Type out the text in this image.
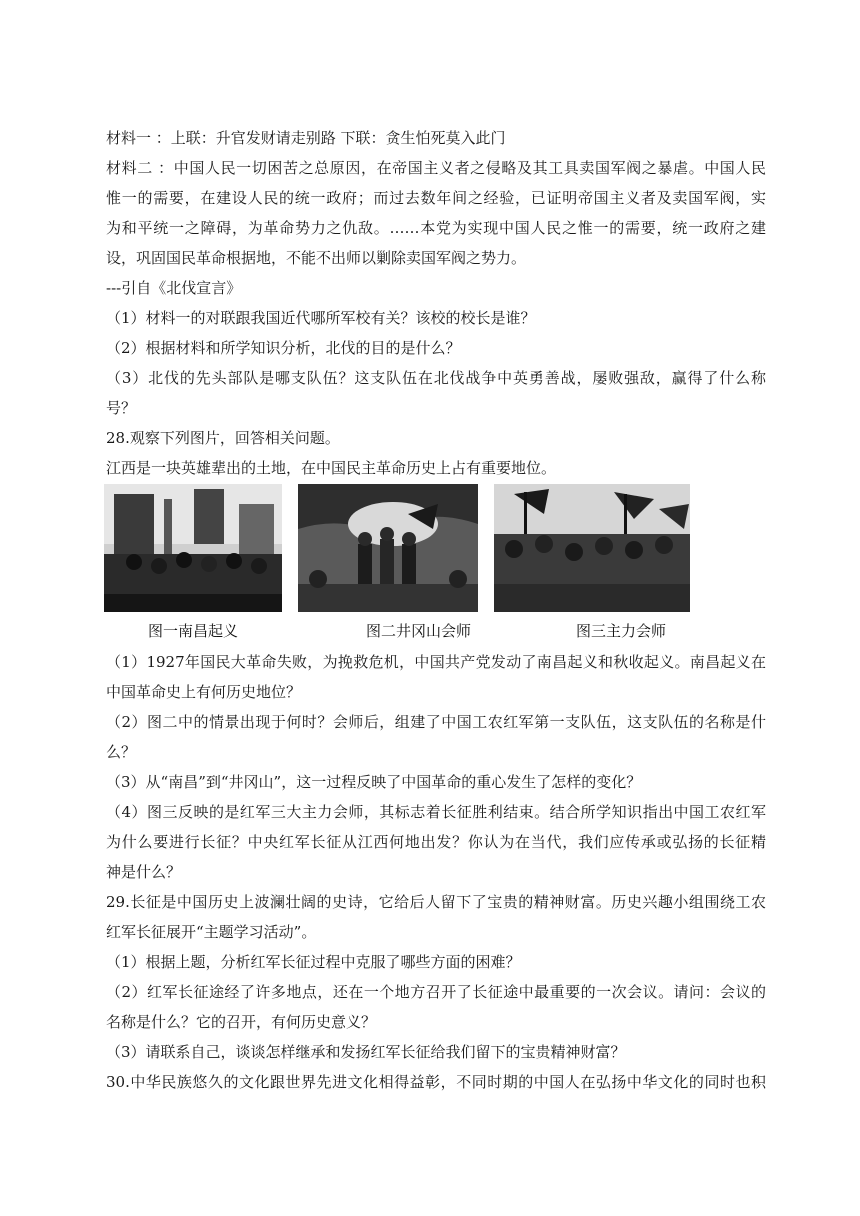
材料一 ：上联：升官发财请走别路 下联：贪生怕死莫入此门
材料二 ：中国人民一切困苦之总原因，在帝国主义者之侵略及其工具卖国军阀之暴虐。中国人民
惟一的需要，在建设人民的统一政府；而过去数年间之经验，已证明帝国主义者及卖国军阀，实
为和平统一之障碍，为革命势力之仇敌。……本党为实现中国人民之惟一的需要，统一政府之建
设，巩固国民革命根据地，不能不出师以剿除卖国军阀之势力。
---引自《北伐宣言》
（1）材料一的对联跟我国近代哪所军校有关？该校的校长是谁？
（2）根据材料和所学知识分析，北伐的目的是什么？
（3）北伐的先头部队是哪支队伍？这支队伍在北伐战争中英勇善战，屡败强敌，赢得了什么称
号？
28.观察下列图片，回答相关问题。
江西是一块英雄辈出的土地，在中国民主革命历史上占有重要地位。
图一南昌起义	图二井冈山会师	图三主力会师
（1）1927年国民大革命失败，为挽救危机，中国共产党发动了南昌起义和秋收起义。南昌起义在
中国革命史上有何历史地位？
（2）图二中的情景出现于何时？会师后，组建了中国工农红军第一支队伍，这支队伍的名称是什
么？
（3）从“南昌”到“井冈山”，这一过程反映了中国革命的重心发生了怎样的变化？
（4）图三反映的是红军三大主力会师，其标志着长征胜利结束。结合所学知识指出中国工农红军
为什么要进行长征？中央红军长征从江西何地出发？你认为在当代，我们应传承或弘扬的长征精
神是什么？
29.长征是中国历史上波澜壮阔的史诗，它给后人留下了宝贵的精神财富。历史兴趣小组围绕工农
红军长征展开“主题学习活动”。
（1）根据上题，分析红军长征过程中克服了哪些方面的困难？
（2）红军长征途经了许多地点，还在一个地方召开了长征途中最重要的一次会议。请问：会议的
名称是什么？它的召开，有何历史意义？
（3）请联系自己，谈谈怎样继承和发扬红军长征给我们留下的宝贵精神财富？
30.中华民族悠久的文化跟世界先进文化相得益彰，不同时期的中国人在弘扬中华文化的同时也积
